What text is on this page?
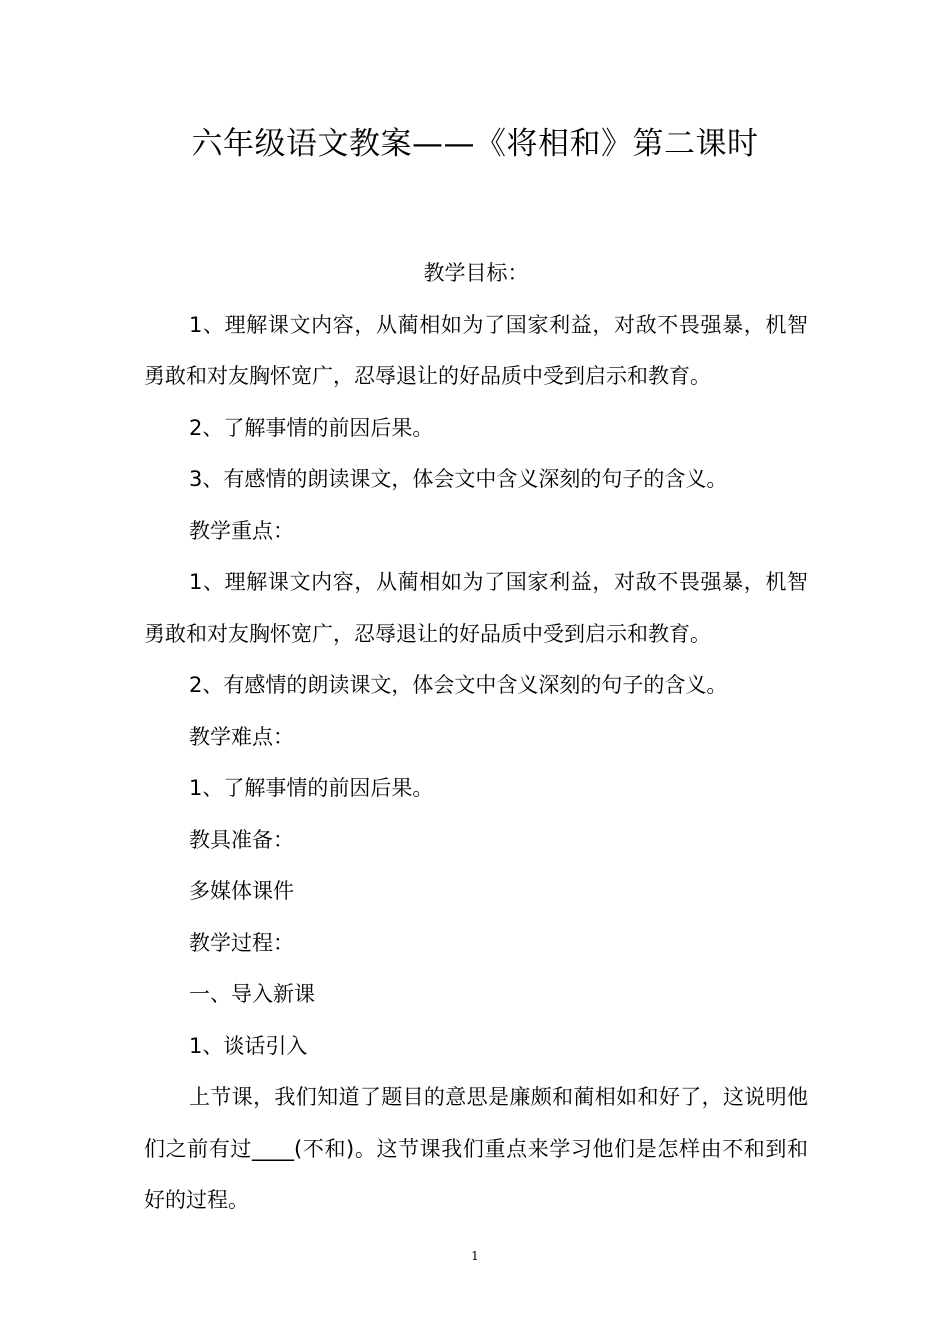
六年级语文教案——《将相和》第二课时

教学目标：

1、理解课文内容，从蔺相如为了国家利益，对敌不畏强暴，机智勇敢和对友胸怀宽广，忍辱退让的好品质中受到启示和教育。

2、了解事情的前因后果。

3、有感情的朗读课文，体会文中含义深刻的句子的含义。

教学重点：

1、理解课文内容，从蔺相如为了国家利益，对敌不畏强暴，机智勇敢和对友胸怀宽广，忍辱退让的好品质中受到启示和教育。

2、有感情的朗读课文，体会文中含义深刻的句子的含义。

教学难点：

1、了解事情的前因后果。

教具准备：

多媒体课件

教学过程：

一、导入新课

1、谈话引入

上节课，我们知道了题目的意思是廉颇和蔺相如和好了，这说明他们之前有过____(不和)。这节课我们重点来学习他们是怎样由不和到和好的过程。

1
